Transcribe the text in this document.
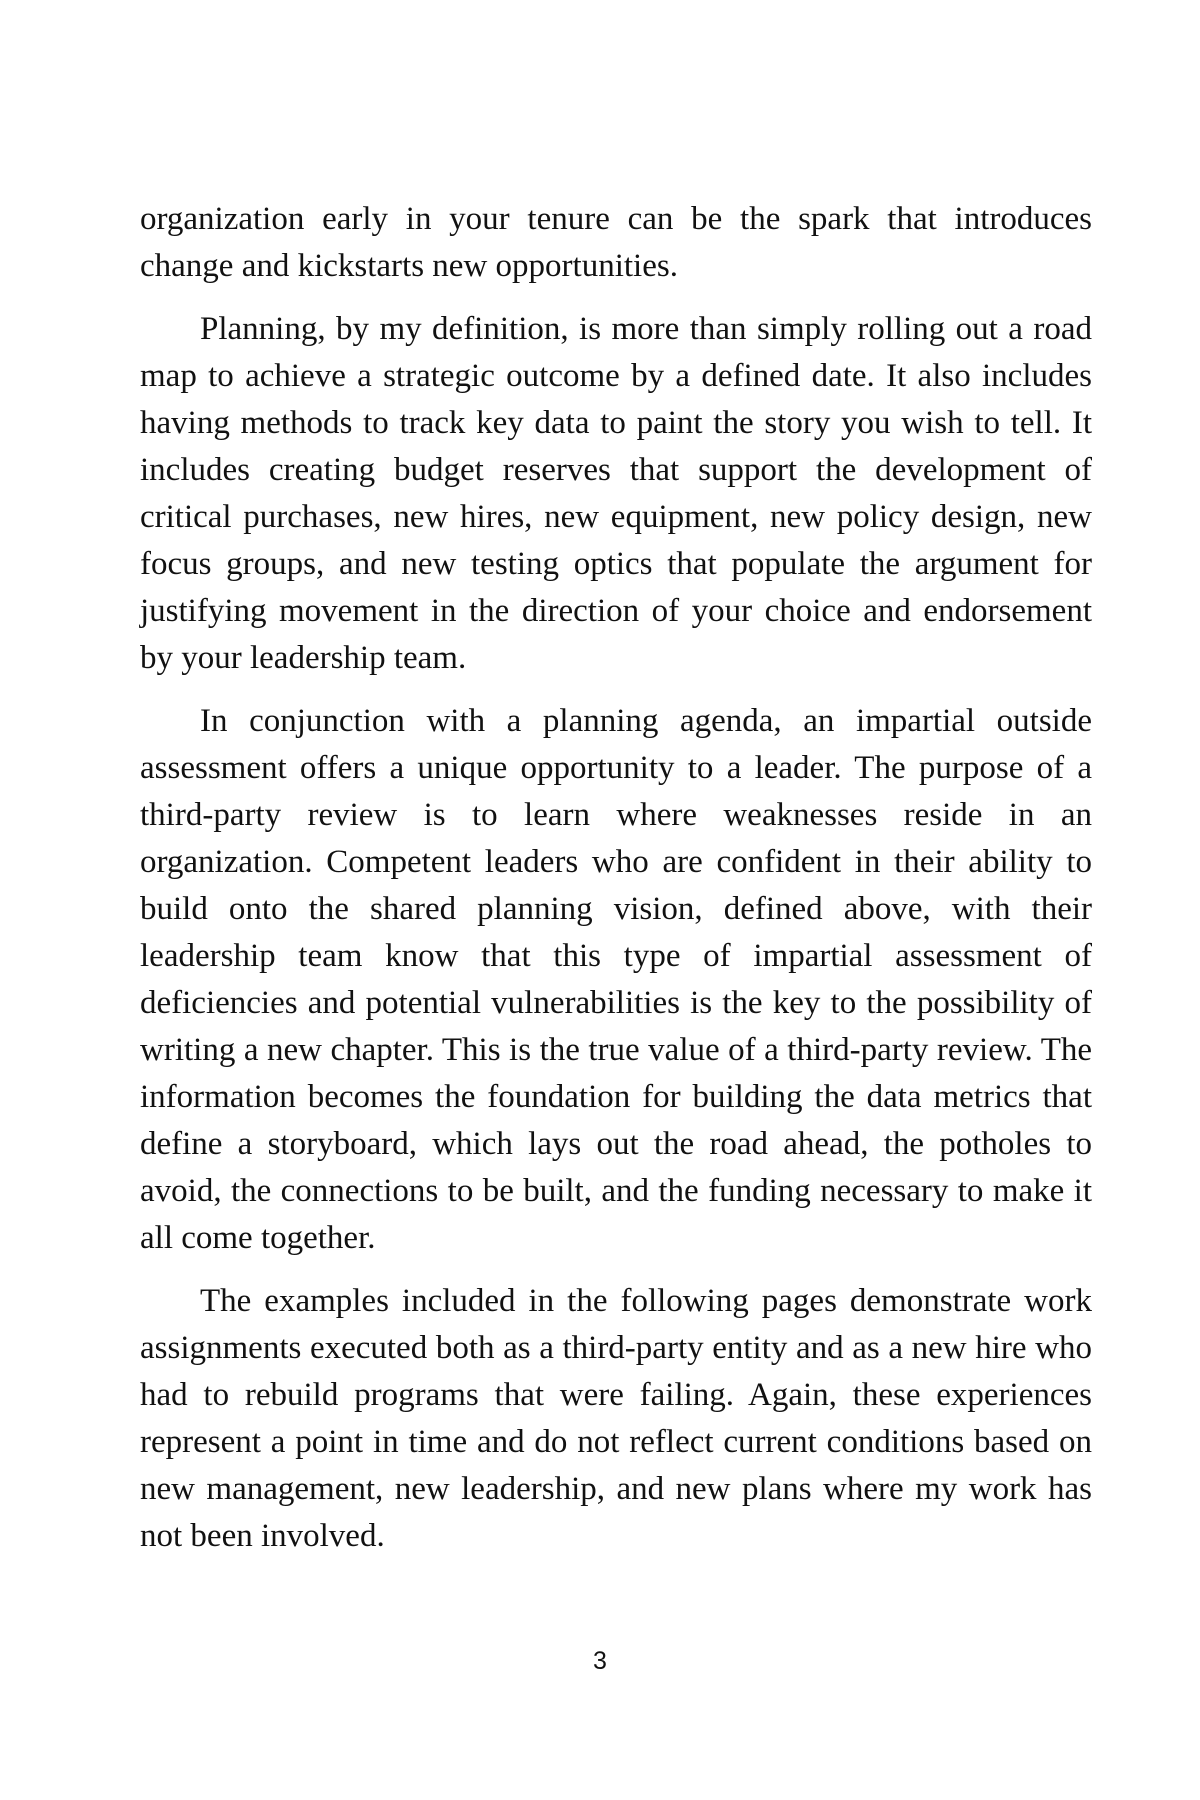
organization early in your tenure can be the spark that introduces change and kickstarts new opportunities.

Planning, by my definition, is more than simply rolling out a road map to achieve a strategic outcome by a defined date. It also includes having methods to track key data to paint the story you wish to tell. It includes creating budget reserves that support the development of critical purchases, new hires, new equipment, new policy design, new focus groups, and new testing optics that populate the argument for justifying movement in the direction of your choice and endorsement by your leadership team.

In conjunction with a planning agenda, an impartial outside assessment offers a unique opportunity to a leader. The purpose of a third-party review is to learn where weaknesses reside in an organization. Competent leaders who are confident in their ability to build onto the shared planning vision, defined above, with their leadership team know that this type of impartial assessment of deficiencies and potential vulnerabilities is the key to the possibility of writing a new chapter. This is the true value of a third-party review. The information becomes the foundation for building the data metrics that define a storyboard, which lays out the road ahead, the potholes to avoid, the connections to be built, and the funding necessary to make it all come together.

The examples included in the following pages demonstrate work assignments executed both as a third-party entity and as a new hire who had to rebuild programs that were failing. Again, these experiences represent a point in time and do not reflect current conditions based on new management, new leadership, and new plans where my work has not been involved.

3
